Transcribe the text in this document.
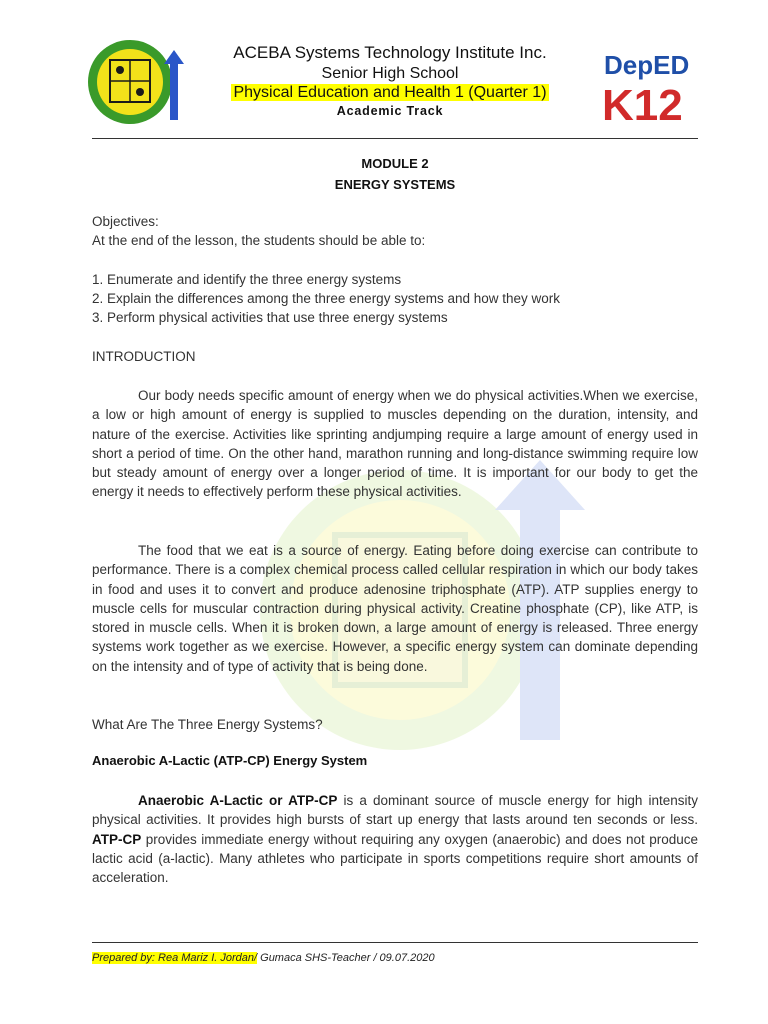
ACEBA Systems Technology Institute Inc.
Senior High School
Physical Education and Health 1 (Quarter 1)
Academic Track
DepED
K12
MODULE 2
ENERGY SYSTEMS
Objectives:
At the end of the lesson, the students should be able to:
1. Enumerate and identify the three energy systems
2. Explain the differences among the three energy systems and how they work
3. Perform physical activities that use three energy systems
INTRODUCTION
Our body needs specific amount of energy when we do physical activities.When we exercise, a low or high amount of energy is supplied to muscles depending on the duration, intensity, and nature of the exercise. Activities like sprinting andjumping require a large amount of energy used in short a period of time. On the other hand, marathon running and long-distance swimming require low but steady amount of energy over a longer period of time. It is important for our body to get the energy it needs to effectively perform these physical activities.
The food that we eat is a source of energy. Eating before doing exercise can contribute to performance. There is a complex chemical process called cellular respiration in which our body takes in food and uses it to convert and produce adenosine triphosphate (ATP). ATP supplies energy to muscle cells for muscular contraction during physical activity. Creatine phosphate (CP), like ATP, is stored in muscle cells. When it is broken down, a large amount of energy is released. Three energy systems work together as we exercise. However, a specific energy system can dominate depending on the intensity and of type of activity that is being done.
What Are The Three Energy Systems?
Anaerobic A-Lactic (ATP-CP) Energy System
Anaerobic A-Lactic or ATP-CP is a dominant source of muscle energy for high intensity physical activities. It provides high bursts of start up energy that lasts around ten seconds or less. ATP-CP provides immediate energy without requiring any oxygen (anaerobic) and does not produce lactic acid (a-lactic). Many athletes who participate in sports competitions require short amounts of acceleration.
Prepared by: Rea Mariz I. Jordan/ Gumaca SHS-Teacher / 09.07.2020
